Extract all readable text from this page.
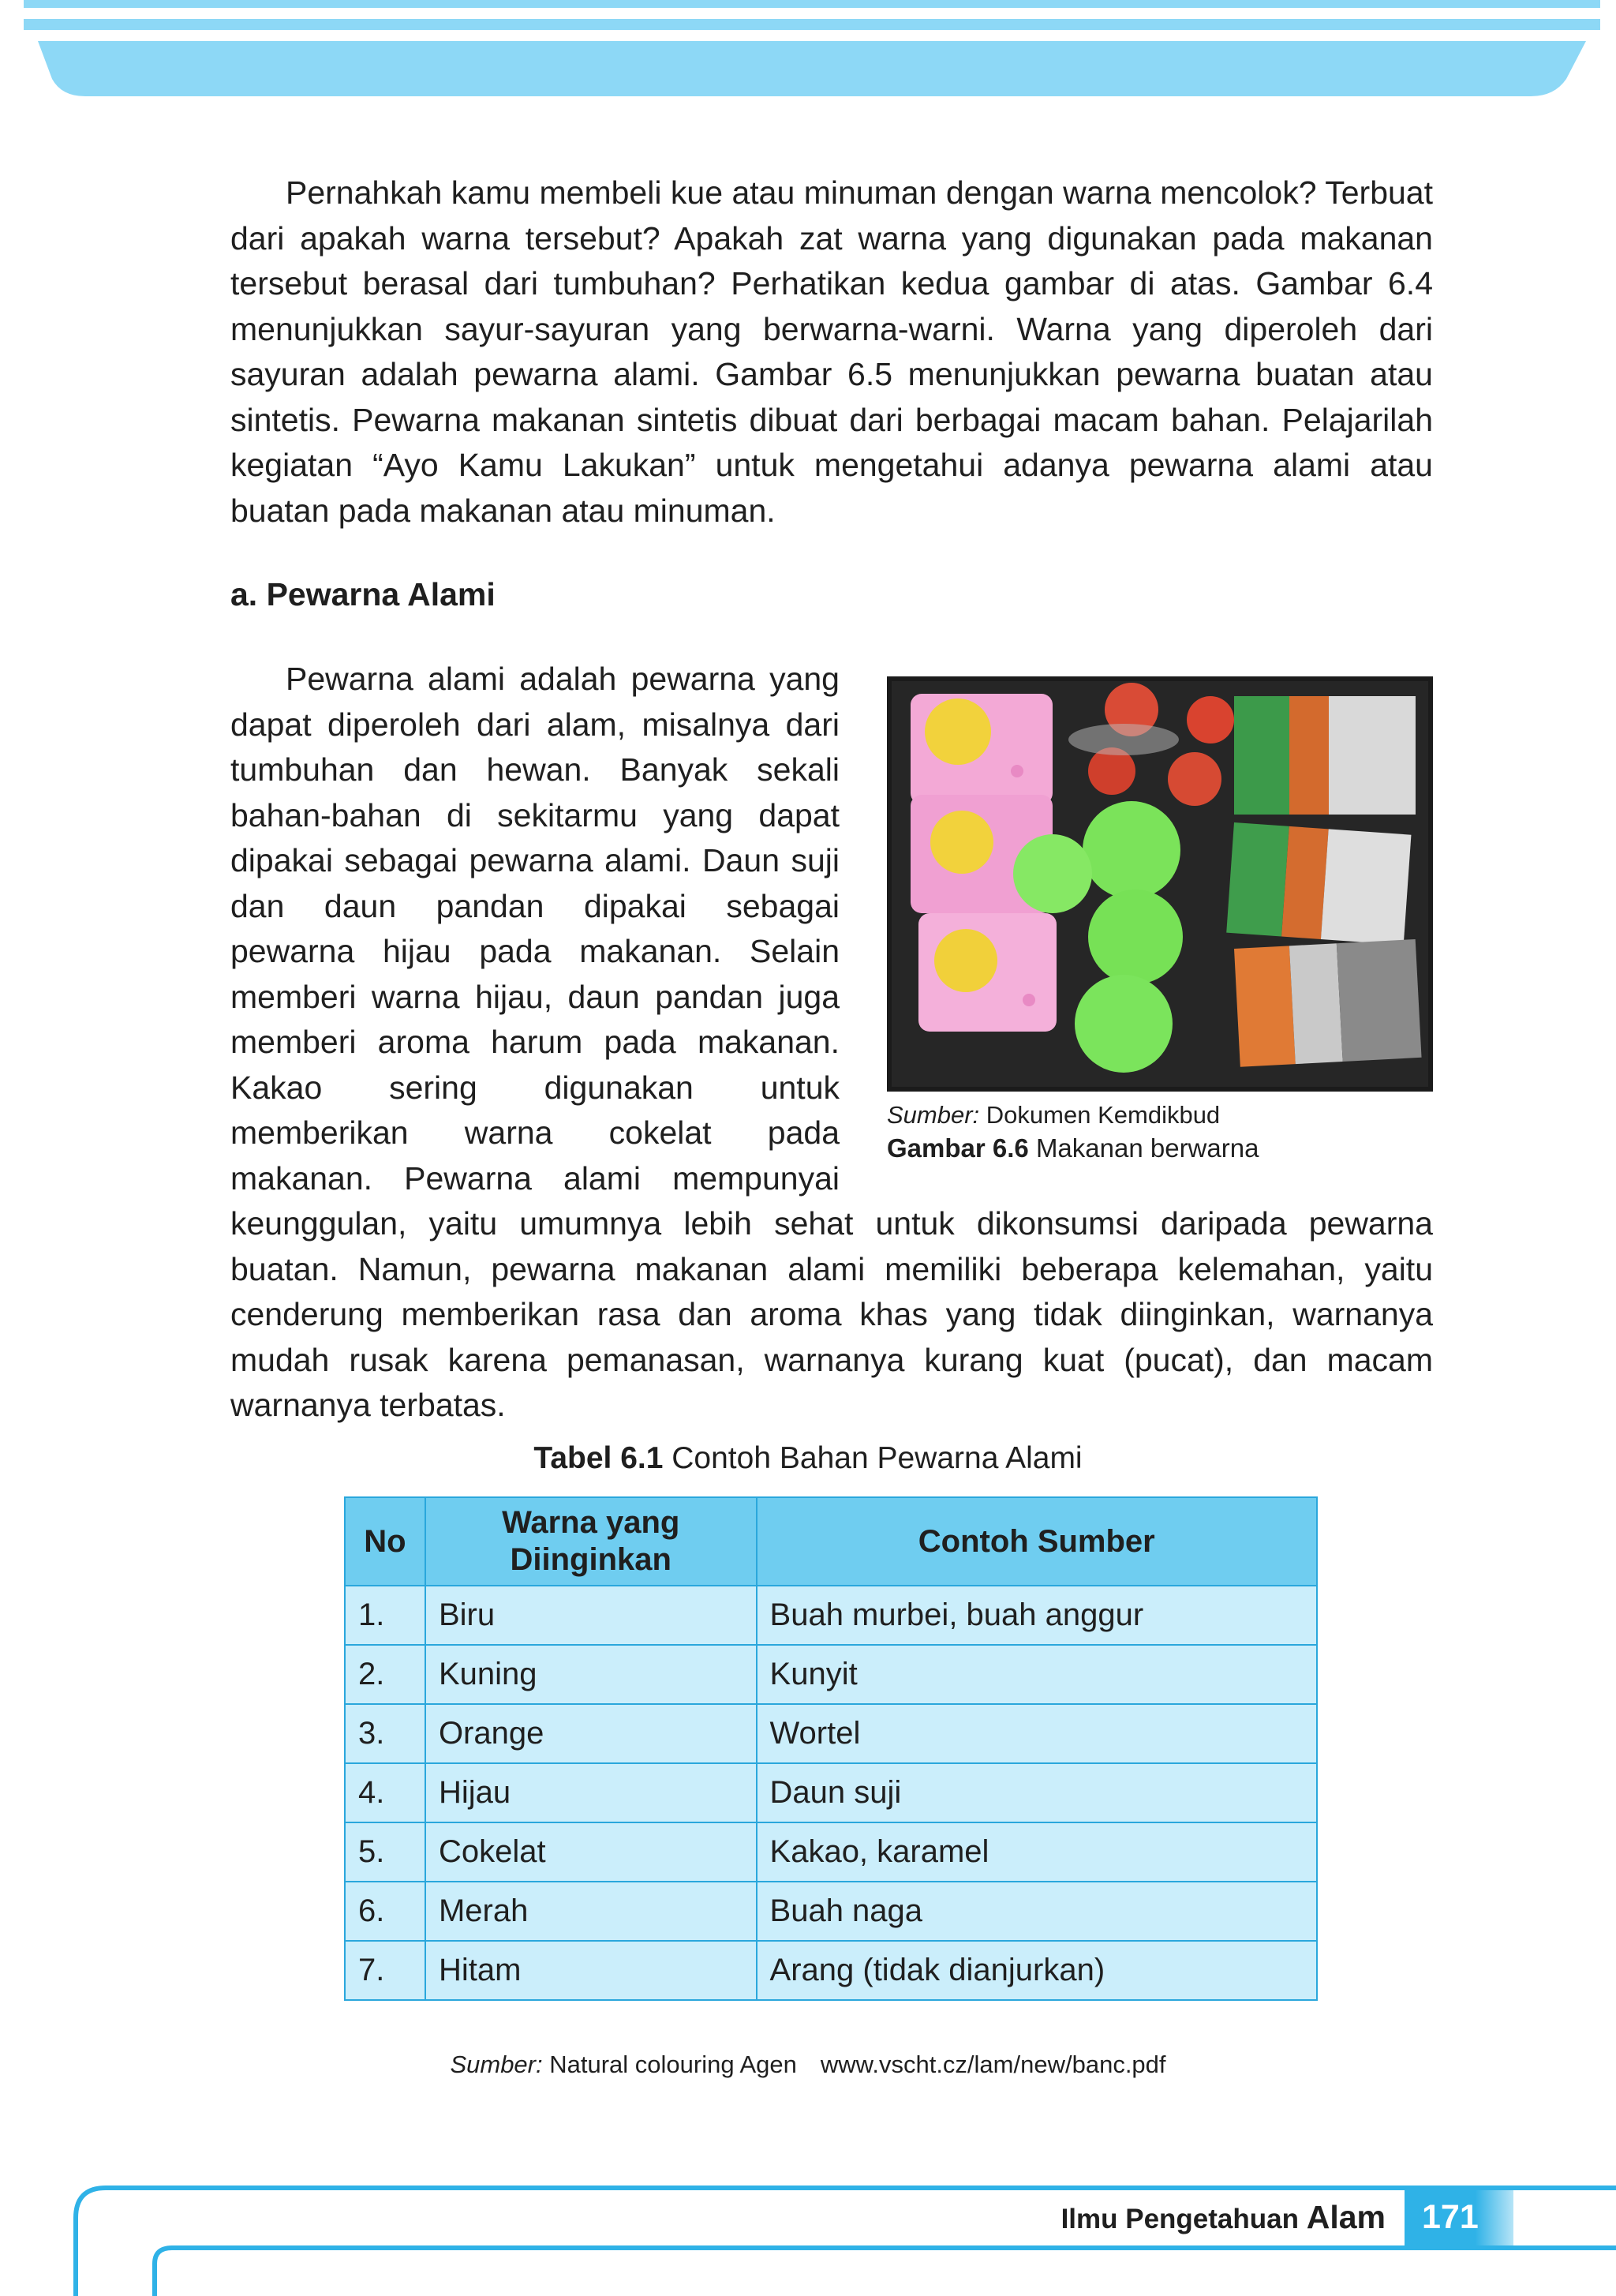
Pernahkah kamu membeli kue atau minuman dengan warna mencolok? Terbuat dari apakah warna tersebut? Apakah zat warna yang digunakan pada makanan tersebut berasal dari tumbuhan? Perhatikan kedua gambar di atas. Gambar 6.4 menunjukkan sayur-sayuran yang berwarna-warni. Warna yang diperoleh dari sayuran adalah pewarna alami. Gambar 6.5 menunjukkan pewarna buatan atau sintetis. Pewarna makanan sintetis dibuat dari berbagai macam bahan. Pelajarilah kegiatan “Ayo Kamu Lakukan” untuk mengetahui adanya pewarna alami atau buatan pada makanan atau minuman.

a. Pewarna Alami
Sumber: Dokumen Kemdikbud
Gambar 6.6 Makanan berwarna

Pewarna alami adalah pewarna yang dapat diperoleh dari alam, misalnya dari tumbuhan dan hewan. Banyak sekali bahan-bahan di sekitarmu yang dapat dipakai sebagai pewarna alami. Daun suji dan daun pandan dipakai sebagai pewarna hijau pada makanan. Selain memberi warna hijau, daun pandan juga memberi aroma harum pada makanan. Kakao sering digunakan untuk memberikan warna cokelat pada makanan. Pewarna alami mempunyai keunggulan, yaitu umumnya lebih sehat untuk dikonsumsi daripada pewarna buatan. Namun, pewarna makanan alami memiliki beberapa kelemahan, yaitu cenderung memberikan rasa dan aroma khas yang tidak diinginkan, warnanya mudah rusak karena pemanasan, warnanya kurang kuat (pucat), dan macam warnanya terbatas.

Tabel 6.1 Contoh Bahan Pewarna Alami
No	Warna yang Diinginkan	Contoh Sumber
1.	Biru	Buah murbei, buah anggur
2.	Kuning	Kunyit
3.	Orange	Wortel
4.	Hijau	Daun suji
5.	Cokelat	Kakao, karamel
6.	Merah	Buah naga
7.	Hitam	Arang (tidak dianjurkan)
Sumber: Natural colouring Agen www.vscht.cz/lam/new/banc.pdf
Ilmu Pengetahuan Alam	171
